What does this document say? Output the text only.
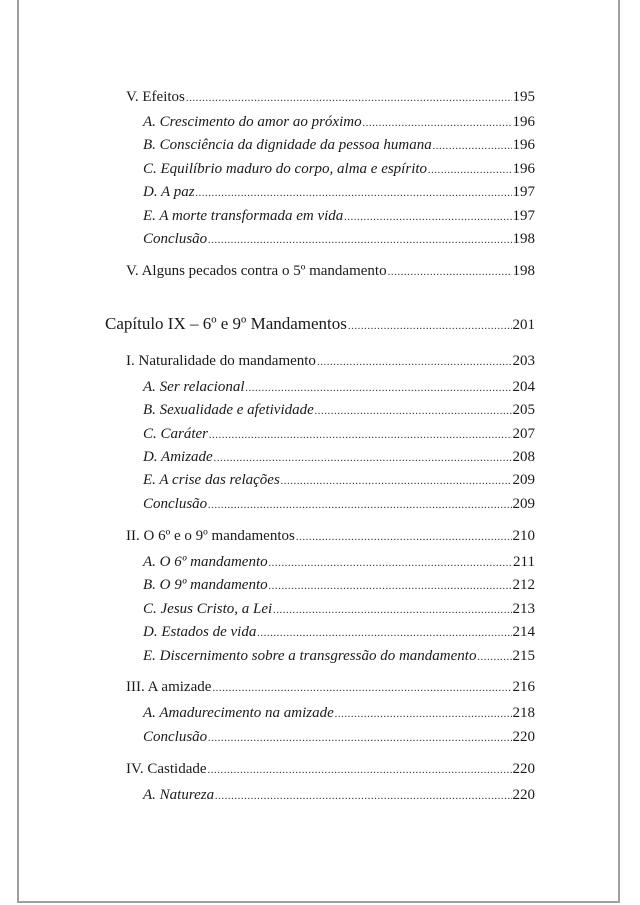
V. Efeitos .....	195
A. Crescimento do amor ao próximo .....	196
B. Consciência da dignidade da pessoa humana .....	196
C. Equilíbrio maduro do corpo, alma e espírito .....	196
D. A paz .....	197
E. A morte transformada em vida .....	197
Conclusão .....	198
V. Alguns pecados contra o 5º mandamento .....	198
Capítulo IX – 6º e 9º Mandamentos .....	201
I. Naturalidade do mandamento .....	203
A. Ser relacional .....	204
B. Sexualidade e afetividade .....	205
C. Caráter .....	207
D. Amizade .....	208
E. A crise das relações .....	209
Conclusão .....	209
II. O 6º e o 9º mandamentos .....	210
A. O 6º mandamento .....	211
B. O 9º mandamento .....	212
C. Jesus Cristo, a Lei .....	213
D. Estados de vida .....	214
E. Discernimento sobre a transgressão do mandamento ..... 215
III. A amizade .....	216
A. Amadurecimento na amizade .....	218
Conclusão .....	220
IV. Castidade .....	220
A. Natureza .....	220
